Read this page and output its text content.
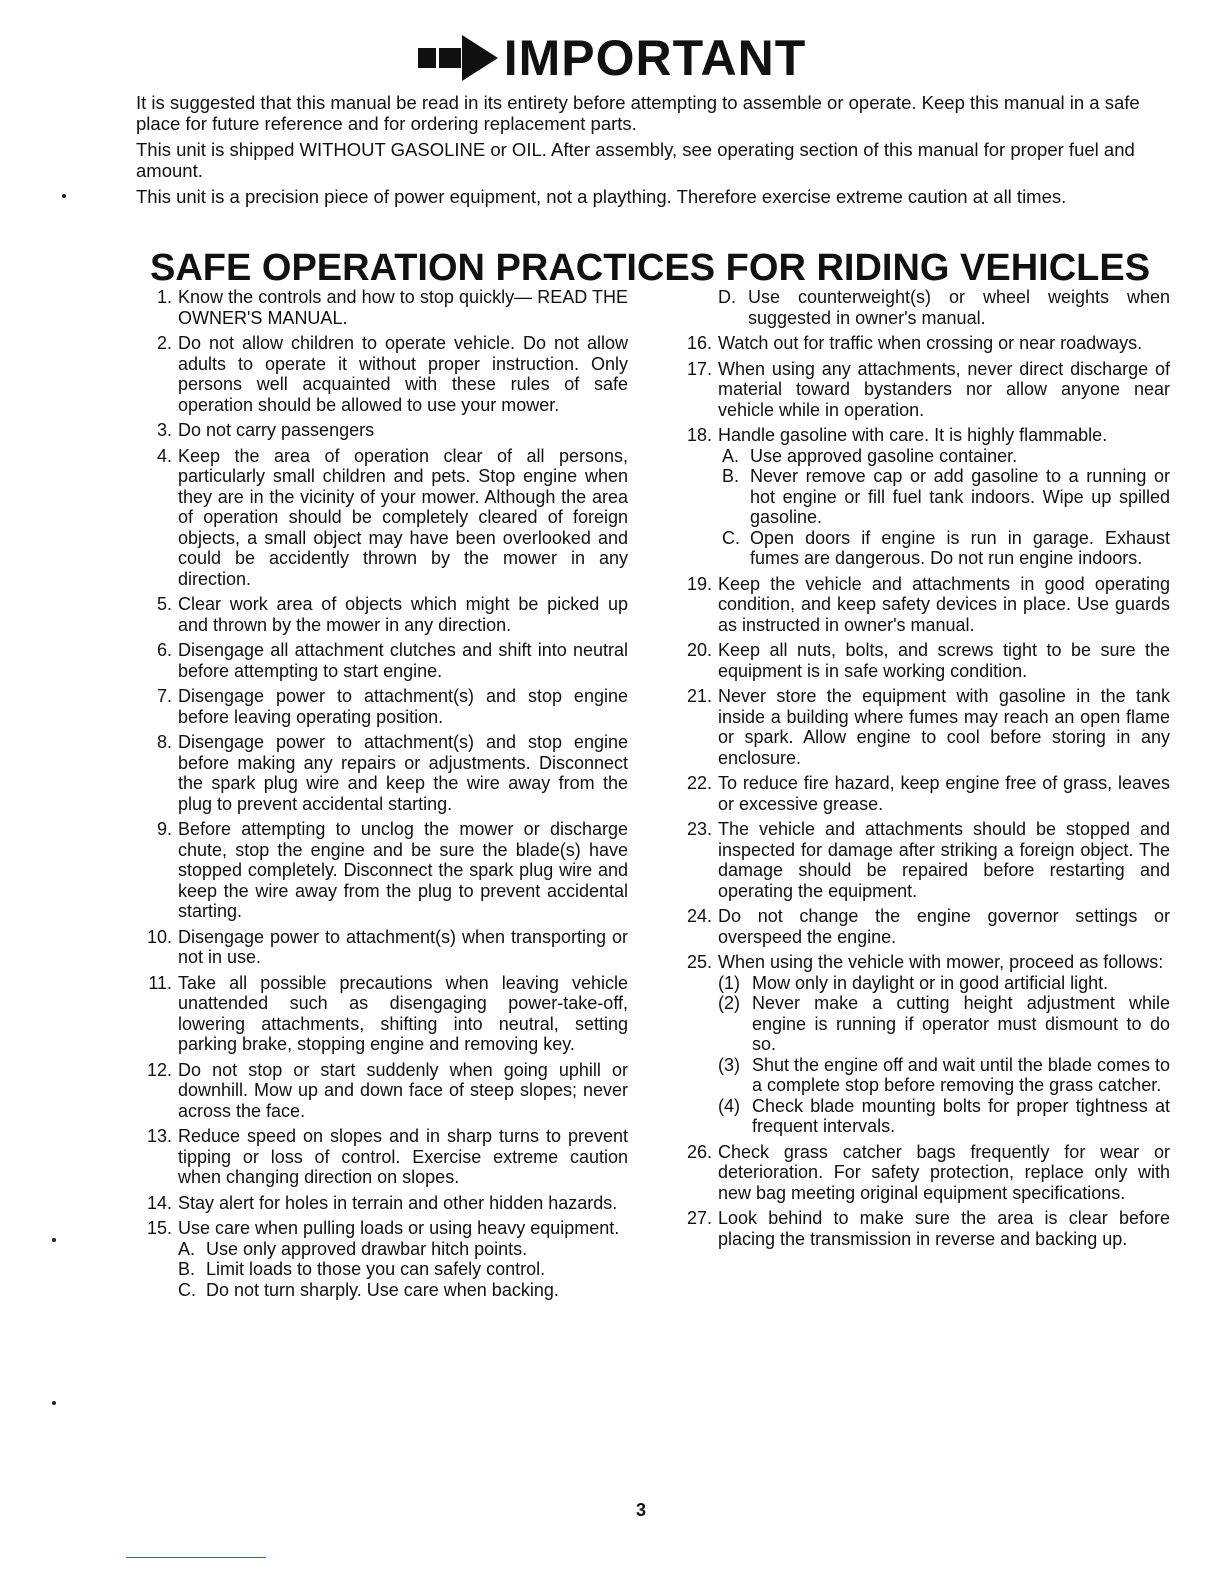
IMPORTANT

It is suggested that this manual be read in its entirety before attempting to assemble or operate. Keep this manual in a safe place for future reference and for ordering replacement parts.

This unit is shipped WITHOUT GASOLINE or OIL. After assembly, see operating section of this manual for proper fuel and amount.

This unit is a precision piece of power equipment, not a plaything. Therefore exercise extreme caution at all times.

SAFE OPERATION PRACTICES FOR RIDING VEHICLES
1. Know the controls and how to stop quickly— READ THE OWNER'S MANUAL.
2. Do not allow children to operate vehicle. Do not allow adults to operate it without proper instruction. Only persons well acquainted with these rules of safe operation should be allowed to use your mower.
3. Do not carry passengers
4. Keep the area of operation clear of all persons, particularly small children and pets. Stop engine when they are in the vicinity of your mower. Although the area of operation should be completely cleared of foreign objects, a small object may have been overlooked and could be accidently thrown by the mower in any direction.
5. Clear work area of objects which might be picked up and thrown by the mower in any direction.
6. Disengage all attachment clutches and shift into neutral before attempting to start engine.
7. Disengage power to attachment(s) and stop engine before leaving operating position.
8. Disengage power to attachment(s) and stop engine before making any repairs or adjustments. Disconnect the spark plug wire and keep the wire away from the plug to prevent accidental starting.
9. Before attempting to unclog the mower or discharge chute, stop the engine and be sure the blade(s) have stopped completely. Disconnect the spark plug wire and keep the wire away from the plug to prevent accidental starting.
10. Disengage power to attachment(s) when transporting or not in use.
11. Take all possible precautions when leaving vehicle unattended such as disengaging power-take-off, lowering attachments, shifting into neutral, setting parking brake, stopping engine and removing key.
12. Do not stop or start suddenly when going uphill or downhill. Mow up and down face of steep slopes; never across the face.
13. Reduce speed on slopes and in sharp turns to prevent tipping or loss of control. Exercise extreme caution when changing direction on slopes.
14. Stay alert for holes in terrain and other hidden hazards.
15. Use care when pulling loads or using heavy equipment.
A. Use only approved drawbar hitch points.
B. Limit loads to those you can safely control.
C. Do not turn sharply. Use care when backing.
D. Use counterweight(s) or wheel weights when suggested in owner's manual.
16. Watch out for traffic when crossing or near roadways.
17. When using any attachments, never direct discharge of material toward bystanders nor allow anyone near vehicle while in operation.
18. Handle gasoline with care. It is highly flammable.
A. Use approved gasoline container.
B. Never remove cap or add gasoline to a running or hot engine or fill fuel tank indoors. Wipe up spilled gasoline.
C. Open doors if engine is run in garage. Exhaust fumes are dangerous. Do not run engine indoors.
19. Keep the vehicle and attachments in good operating condition, and keep safety devices in place. Use guards as instructed in owner's manual.
20. Keep all nuts, bolts, and screws tight to be sure the equipment is in safe working condition.
21. Never store the equipment with gasoline in the tank inside a building where fumes may reach an open flame or spark. Allow engine to cool before storing in any enclosure.
22. To reduce fire hazard, keep engine free of grass, leaves or excessive grease.
23. The vehicle and attachments should be stopped and inspected for damage after striking a foreign object. The damage should be repaired before restarting and operating the equipment.
24. Do not change the engine governor settings or overspeed the engine.
25. When using the vehicle with mower, proceed as follows:
(1) Mow only in daylight or in good artificial light.
(2) Never make a cutting height adjustment while engine is running if operator must dismount to do so.
(3) Shut the engine off and wait until the blade comes to a complete stop before removing the grass catcher.
(4) Check blade mounting bolts for proper tightness at frequent intervals.
26. Check grass catcher bags frequently for wear or deterioration. For safety protection, replace only with new bag meeting original equipment specifications.
27. Look behind to make sure the area is clear before placing the transmission in reverse and backing up.
3
